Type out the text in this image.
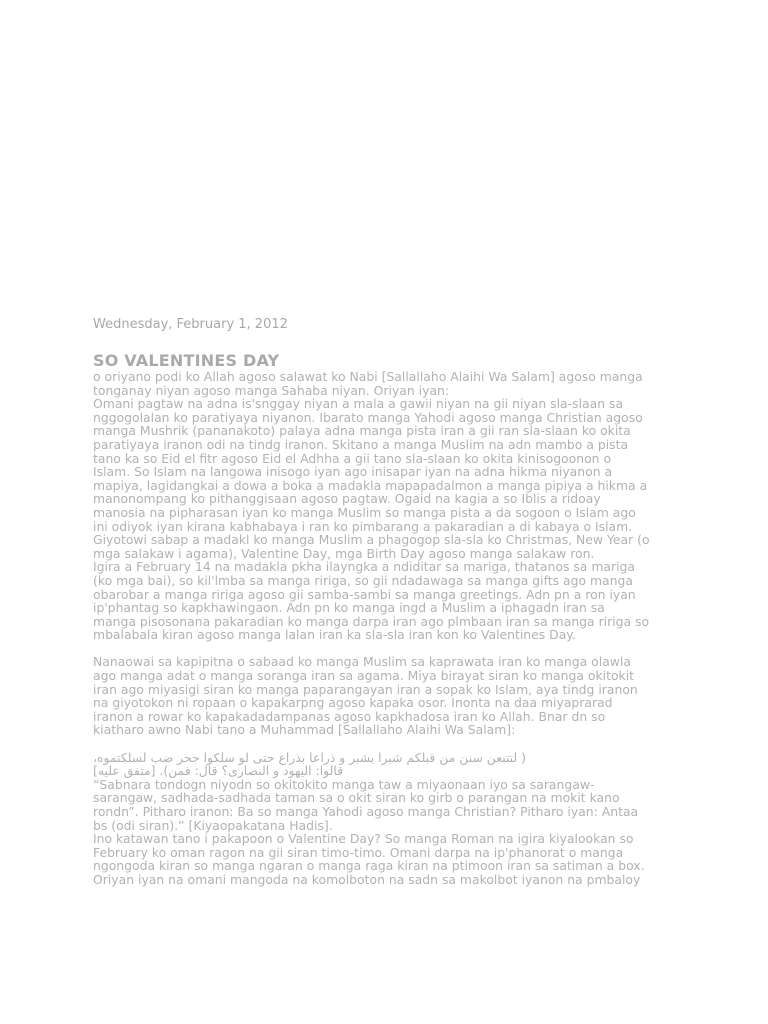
Wednesday, February 1, 2012
SO VALENTINES DAY
o oriyano podi ko Allah agoso salawat ko Nabi [Sallallaho Alaihi Wa Salam] agoso manga
tonganay niyan agoso manga Sahaba niyan. Oriyan iyan:
Omani pagtaw na adna is'snggay niyan a mala a gawii niyan na gii niyan sla-slaan sa
nggogolalan ko paratiyaya niyanon. Ibarato manga Yahodi agoso manga Christian agoso
manga Mushrik (pananakoto) palaya adna manga pista iran a gii ran sla-slaan ko okita
paratiyaya iranon odi na tindg iranon. Skitano a manga Muslim na adn mambo a pista
tano ka so Eid el fitr agoso Eid el Adhha a gii tano sla-slaan ko okita kinisogoonon o
Islam. So Islam na langowa inisogo iyan ago inisapar iyan na adna hikma niyanon a
mapiya, lagidangkai a dowa a boka a madakla mapapadalmon a manga pipiya a hikma a
manonompang ko pithanggisaan agoso pagtaw. Ogaid na kagia a so Iblis a ridoay
manosia na pipharasan iyan ko manga Muslim so manga pista a da sogoon o Islam ago
ini odiyok iyan kirana kabhabaya i ran ko pimbarang a pakaradian a di kabaya o Islam.
Giyotowi sabap a madakl ko manga Muslim a phagogop sla-sla ko Christmas, New Year (o
mga salakaw i agama), Valentine Day, mga Birth Day agoso manga salakaw ron.
Igira a February 14 na madakla pkha ilayngka a ndiditar sa mariga, thatanos sa mariga
(ko mga bai), so kil'lmba sa manga ririga, so gii ndadawaga sa manga gifts ago manga
obarobar a manga ririga agoso gii samba-sambi sa manga greetings. Adn pn a ron iyan
ip'phantag so kapkhawingaon. Adn pn ko manga ingd a Muslim a iphagadn iran sa
manga pisosonana pakaradian ko manga darpa iran ago plmbaan iran sa manga ririga so
mbalabala kiran agoso manga lalan iran ka sla-sla iran kon ko Valentines Day.
Nanaowai sa kapipitna o sabaad ko manga Muslim sa kaprawata iran ko manga olawla
ago manga adat o manga soranga iran sa agama. Miya birayat siran ko manga okitokit
iran ago miyasigi siran ko manga paparangayan iran a sopak ko Islam, aya tindg iranon
na giyotokon ni ropaan o kapakarpng agoso kapaka osor. Inonta na daa miyaprarad
iranon a rowar ko kapakadadampanas agoso kapkhadosa iran ko Allah. Bnar dn so
kiatharo awno Nabi tano a Muhammad [Sallallaho Alaihi Wa Salam]:
( لتتبعن سنن من قبلكم شبرا بشبر و ذراعا بذراع حتى لو سلكوا جحر ضب لسلكتموه،
قالوا: اليهود و النصارى؟ قال: فمن). [متفق عليه]
“Sabnara tondogn niyodn so okitokito manga taw a miyaonaan iyo sa sarangaw-
sarangaw, sadhada-sadhada taman sa o okit siran ko girb o parangan na mokit kano
rondn”. Pitharo iranon: Ba so manga Yahodi agoso manga Christian? Pitharo iyan: Antaa
bs (odi siran).” [Kiyaopakatana Hadis].
Ino katawan tano i pakapoon o Valentine Day? So manga Roman na igira kiyalookan so
February ko oman ragon na gii siran timo-timo. Omani darpa na ip'phanorat o manga
ngongoda kiran so manga ngaran o manga raga kiran na ptimoon iran sa satiman a box.
Oriyan iyan na omani mangoda na komolboton na sadn sa makolbot iyanon na pmbaloy
